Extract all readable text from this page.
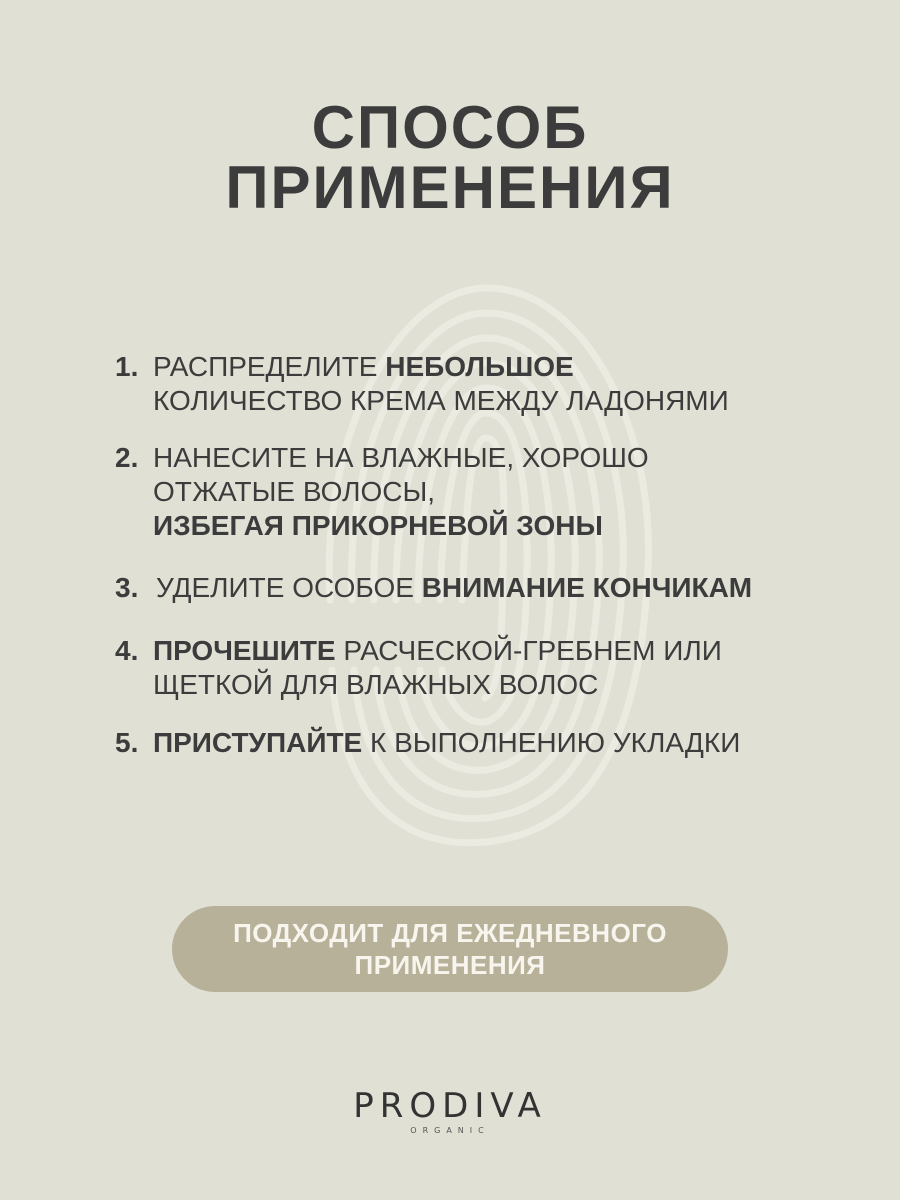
СПОСОБ
ПРИМЕНЕНИЯ
1. РАСПРЕДЕЛИТЕ НЕБОЛЬШОЕ
КОЛИЧЕСТВО КРЕМА МЕЖДУ ЛАДОНЯМИ
2. НАНЕСИТЕ НА ВЛАЖНЫЕ, ХОРОШО
ОТЖАТЫЕ ВОЛОСЫ,
ИЗБЕГАЯ ПРИКОРНЕВОЙ ЗОНЫ
3. УДЕЛИТЕ ОСОБОЕ ВНИМАНИЕ КОНЧИКАМ
4. ПРОЧЕШИТЕ РАСЧЕСКОЙ-ГРЕБНЕМ ИЛИ
ЩЕТКОЙ ДЛЯ ВЛАЖНЫХ ВОЛОС
5. ПРИСТУПАЙТЕ К ВЫПОЛНЕНИЮ УКЛАДКИ
ПОДХОДИТ ДЛЯ ЕЖЕДНЕВНОГО
ПРИМЕНЕНИЯ
PRODIVA
ORGANIC
